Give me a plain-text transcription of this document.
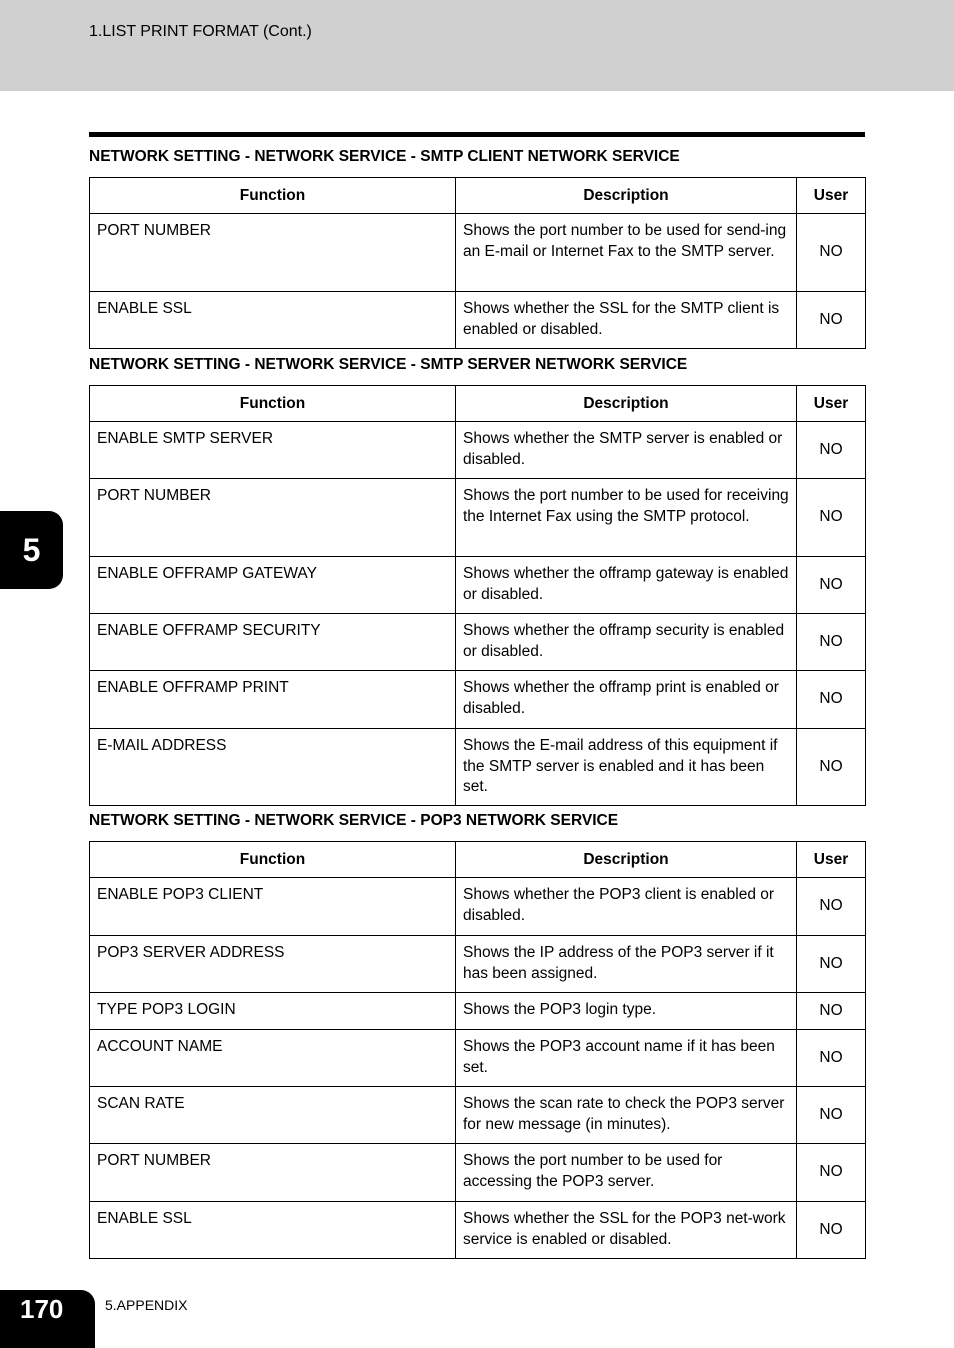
1.LIST PRINT FORMAT (Cont.)
NETWORK SETTING - NETWORK SERVICE - SMTP CLIENT NETWORK SERVICE
Function	Description	User
PORT NUMBER	Shows the port number to be used for send-ing an E-mail or Internet Fax to the SMTP server.	NO
ENABLE SSL	Shows whether the SSL for the SMTP client is enabled or disabled.	NO
NETWORK SETTING - NETWORK SERVICE - SMTP SERVER NETWORK SERVICE
Function	Description	User
ENABLE SMTP SERVER	Shows whether the SMTP server is enabled or disabled.	NO
PORT NUMBER	Shows the port number to be used for receiving the Internet Fax using the SMTP protocol.	NO
ENABLE OFFRAMP GATEWAY	Shows whether the offramp gateway is enabled or disabled.	NO
ENABLE OFFRAMP SECURITY	Shows whether the offramp security is enabled or disabled.	NO
ENABLE OFFRAMP PRINT	Shows whether the offramp print is enabled or disabled.	NO
E-MAIL ADDRESS	Shows the E-mail address of this equipment if the SMTP server is enabled and it has been set.	NO
NETWORK SETTING - NETWORK SERVICE - POP3 NETWORK SERVICE
Function	Description	User
ENABLE POP3 CLIENT	Shows whether the POP3 client is enabled or disabled.	NO
POP3 SERVER ADDRESS	Shows the IP address of the POP3 server if it has been assigned.	NO
TYPE POP3 LOGIN	Shows the POP3 login type.	NO
ACCOUNT NAME	Shows the POP3 account name if it has been set.	NO
SCAN RATE	Shows the scan rate to check the POP3 server for new message (in minutes).	NO
PORT NUMBER	Shows the port number to be used for accessing the POP3 server.	NO
ENABLE SSL	Shows whether the SSL for the POP3 net-work service is enabled or disabled.	NO
5
170	5.APPENDIX
